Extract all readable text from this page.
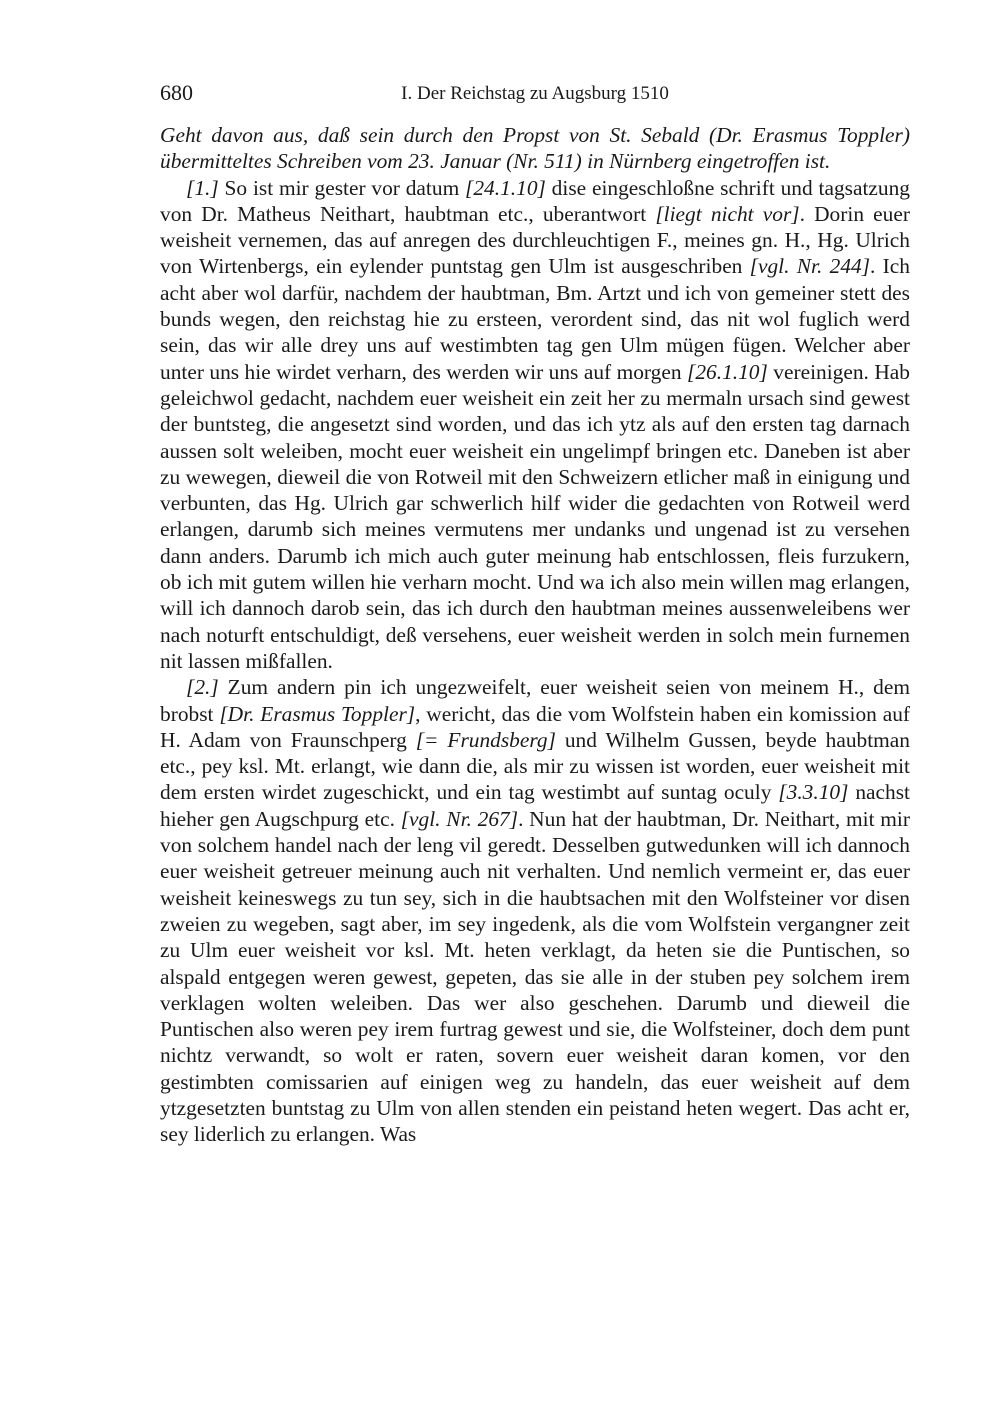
680	I. Der Reichstag zu Augsburg 1510

Geht davon aus, daß sein durch den Propst von St. Sebald (Dr. Erasmus Toppler) übermitteltes Schreiben vom 23. Januar (Nr. 511) in Nürnberg eingetroffen ist.

[1.] So ist mir gester vor datum [24.1.10] dise eingeschloßne schrift und tagsatzung von Dr. Matheus Neithart, haubtman etc., uberantwort [liegt nicht vor]. Dorin euer weisheit vernemen, das auf anregen des durchleuchtigen F., meines gn. H., Hg. Ulrich von Wirtenbergs, ein eylender puntstag gen Ulm ist ausgeschriben [vgl. Nr. 244]. Ich acht aber wol darfür, nachdem der haubtman, Bm. Artzt und ich von gemeiner stett des bunds wegen, den reichstag hie zu ersteen, verordent sind, das nit wol fuglich werd sein, das wir alle drey uns auf westimbten tag gen Ulm mügen fügen. Welcher aber unter uns hie wirdet verharn, des werden wir uns auf morgen [26.1.10] vereinigen. Hab geleichwol gedacht, nachdem euer weisheit ein zeit her zu mermaln ursach sind gewest der buntsteg, die angesetzt sind worden, und das ich ytz als auf den ersten tag darnach aussen solt weleiben, mocht euer weisheit ein ungelimpf bringen etc. Daneben ist aber zu wewegen, dieweil die von Rotweil mit den Schweizern etlicher maß in einigung und verbunten, das Hg. Ulrich gar schwerlich hilf wider die gedachten von Rotweil werd erlangen, darumb sich meines vermutens mer undanks und ungenad ist zu versehen dann anders. Darumb ich mich auch guter meinung hab entschlossen, fleis furzukern, ob ich mit gutem willen hie verharn mocht. Und wa ich also mein willen mag erlangen, will ich dannoch darob sein, das ich durch den haubtman meines aussenweleibens wer nach noturft entschuldigt, deß versehens, euer weisheit werden in solch mein furnemen nit lassen mißfallen.

[2.] Zum andern pin ich ungezweifelt, euer weisheit seien von meinem H., dem brobst [Dr. Erasmus Toppler], wericht, das die vom Wolfstein haben ein komission auf H. Adam von Fraunschperg [= Frundsberg] und Wilhelm Gussen, beyde haubtman etc., pey ksl. Mt. erlangt, wie dann die, als mir zu wissen ist worden, euer weisheit mit dem ersten wirdet zugeschickt, und ein tag westimbt auf suntag oculy [3.3.10] nachst hieher gen Augschpurg etc. [vgl. Nr. 267]. Nun hat der haubtman, Dr. Neithart, mit mir von solchem handel nach der leng vil geredt. Desselben gutwedunken will ich dannoch euer weisheit getreuer meinung auch nit verhalten. Und nemlich vermeint er, das euer weisheit keineswegs zu tun sey, sich in die haubtsachen mit den Wolfsteiner vor disen zweien zu wegeben, sagt aber, im sey ingedenk, als die vom Wolfstein vergangner zeit zu Ulm euer weisheit vor ksl. Mt. heten verklagt, da heten sie die Puntischen, so alspald entgegen weren gewest, gepeten, das sie alle in der stuben pey solchem irem verklagen wolten weleiben. Das wer also geschehen. Darumb und dieweil die Puntischen also weren pey irem furtrag gewest und sie, die Wolfsteiner, doch dem punt nichtz verwandt, so wolt er raten, sovern euer weisheit daran komen, vor den gestimbten comissarien auf einigen weg zu handeln, das euer weisheit auf dem ytzgesetzten buntstag zu Ulm von allen stenden ein peistand heten wegert. Das acht er, sey liderlich zu erlangen. Was
